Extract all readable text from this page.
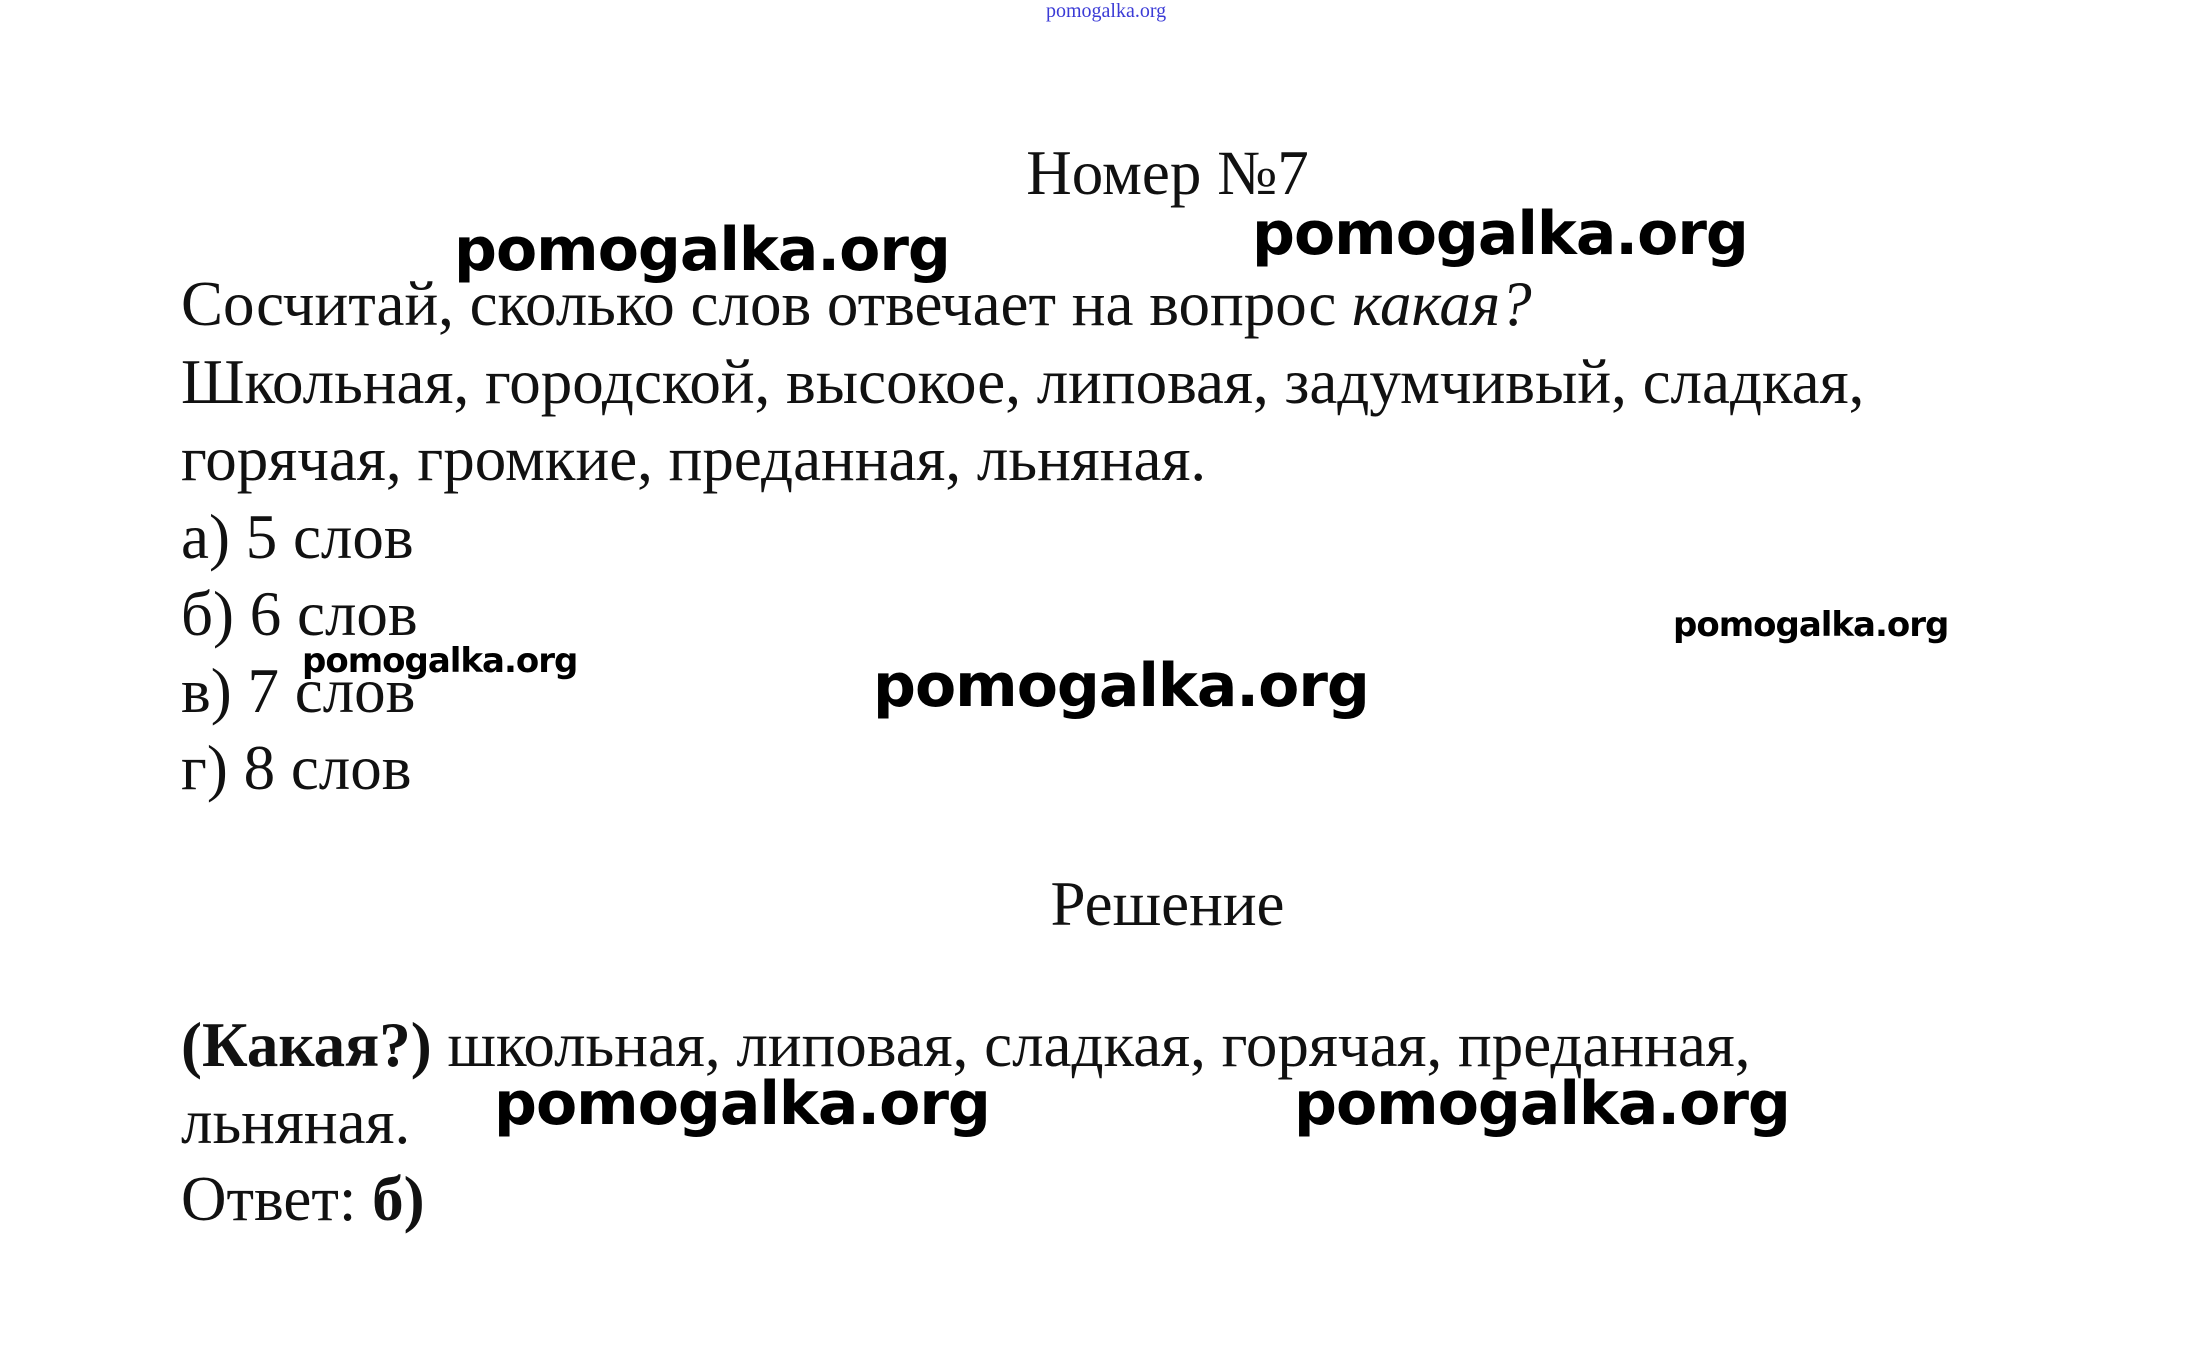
pomogalka.org
Номер №7
Сосчитай, сколько слов отвечает на вопрос какая?
Школьная, городской, высокое, липовая, задумчивый, сладкая,
горячая, громкие, преданная, льняная.
а) 5 слов
б) 6 слов
в) 7 слов
г) 8 слов
Решение
(Какая?) школьная, липовая, сладкая, горячая, преданная,
льняная.
Ответ: б)
pomogalka.org	pomogalka.org
pomogalka.org
pomogalka.org	pomogalka.org
pomogalka.org	pomogalka.org
